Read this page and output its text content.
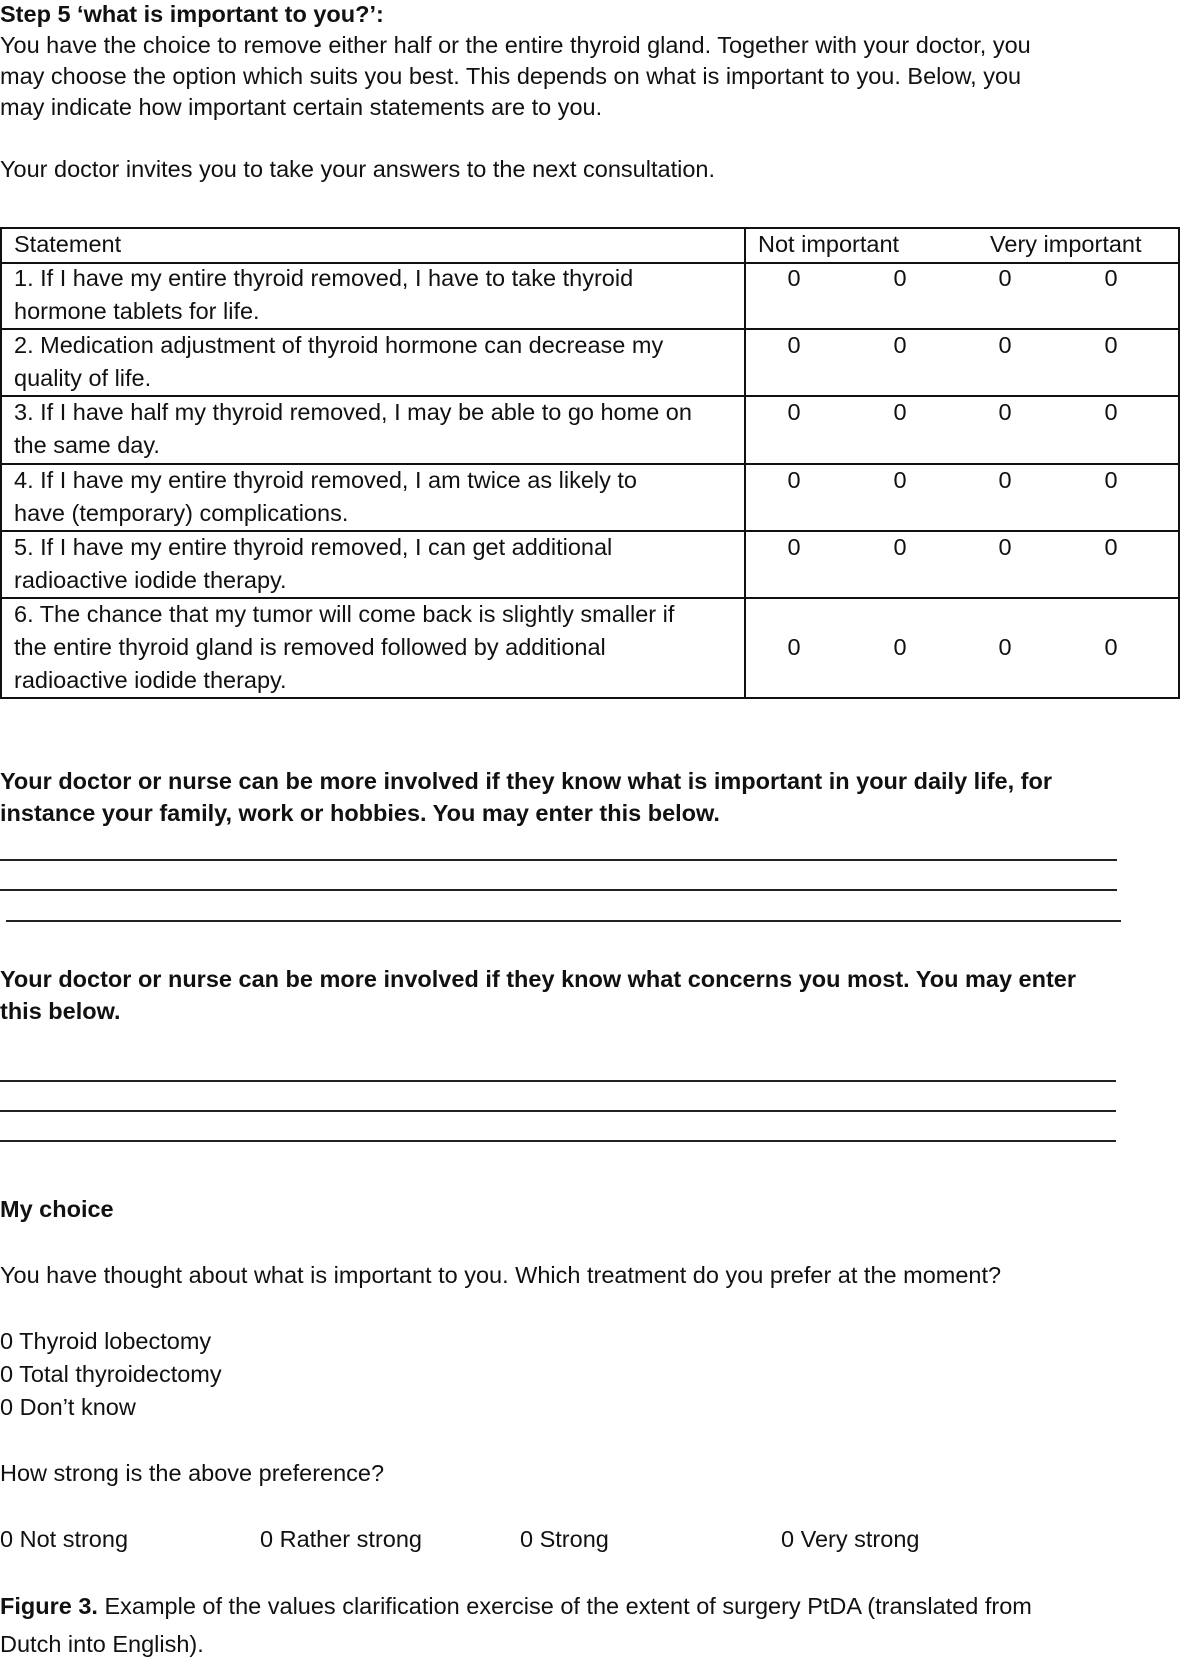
Step 5 ‘what is important to you?’:
You have the choice to remove either half or the entire thyroid gland. Together with your doctor, you
may choose the option which suits you best. This depends on what is important to you. Below, you
may indicate how important certain statements are to you.
Your doctor invites you to take your answers to the next consultation.
Statement	Not important	Very important
1. If I have my entire thyroid removed, I have to take thyroid
hormone tablets for life.
0	0	0	0
2. Medication adjustment of thyroid hormone can decrease my
quality of life.
0	0	0	0
3. If I have half my thyroid removed, I may be able to go home on
the same day.
0	0	0	0
4. If I have my entire thyroid removed, I am twice as likely to
have (temporary) complications.
0	0	0	0
5. If I have my entire thyroid removed, I can get additional
radioactive iodide therapy.
0	0	0	0
6. The chance that my tumor will come back is slightly smaller if
the entire thyroid gland is removed followed by additional
radioactive iodide therapy.
0	0	0	0
Your doctor or nurse can be more involved if they know what is important in your daily life, for
instance your family, work or hobbies. You may enter this below.
Your doctor or nurse can be more involved if they know what concerns you most. You may enter
this below.
My choice
You have thought about what is important to you. Which treatment do you prefer at the moment?
0 Thyroid lobectomy
0 Total thyroidectomy
0 Don’t know
How strong is the above preference?
0 Not strong	0 Rather strong	0 Strong	0 Very strong
Figure 3. Example of the values clarification exercise of the extent of surgery PtDA (translated from
Dutch into English).
